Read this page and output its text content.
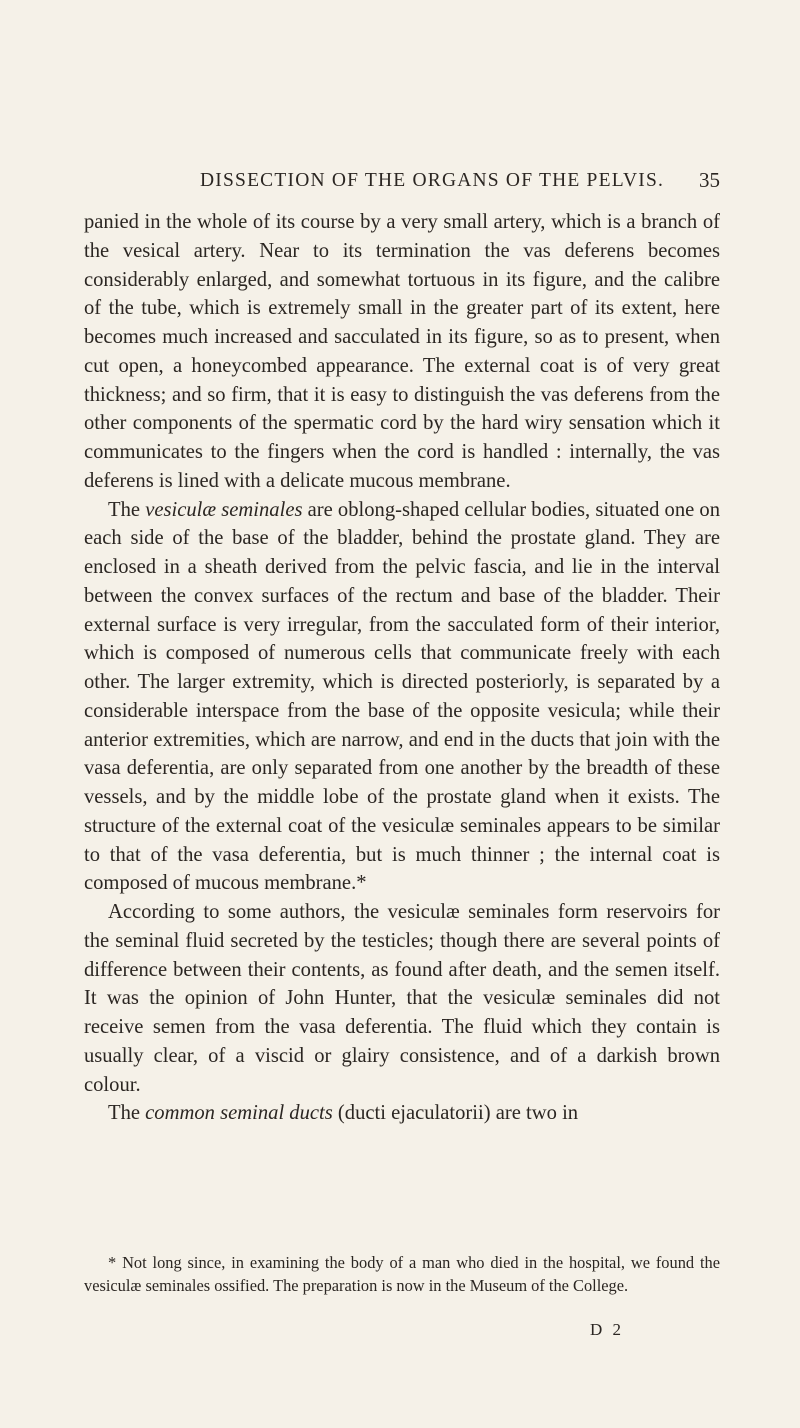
DISSECTION OF THE ORGANS OF THE PELVIS.	35

panied in the whole of its course by a very small artery, which is a branch of the vesical artery. Near to its termination the vas deferens becomes considerably enlarged, and somewhat tortuous in its figure, and the calibre of the tube, which is extremely small in the greater part of its extent, here becomes much increased and sacculated in its figure, so as to present, when cut open, a honeycombed appearance. The external coat is of very great thickness; and so firm, that it is easy to distinguish the vas deferens from the other components of the spermatic cord by the hard wiry sensation which it communicates to the fingers when the cord is handled : internally, the vas deferens is lined with a delicate mucous membrane.

The vesiculæ seminales are oblong-shaped cellular bodies, situated one on each side of the base of the bladder, behind the prostate gland. They are enclosed in a sheath derived from the pelvic fascia, and lie in the interval between the convex surfaces of the rectum and base of the bladder. Their external surface is very irregular, from the sacculated form of their interior, which is composed of numerous cells that communicate freely with each other. The larger extremity, which is directed posteriorly, is separated by a considerable interspace from the base of the opposite vesicula; while their anterior extremities, which are narrow, and end in the ducts that join with the vasa deferentia, are only separated from one another by the breadth of these vessels, and by the middle lobe of the prostate gland when it exists. The structure of the external coat of the vesiculæ seminales appears to be similar to that of the vasa deferentia, but is much thinner ; the internal coat is composed of mucous membrane.*

According to some authors, the vesiculæ seminales form reservoirs for the seminal fluid secreted by the testicles; though there are several points of difference between their contents, as found after death, and the semen itself. It was the opinion of John Hunter, that the vesiculæ seminales did not receive semen from the vasa deferentia. The fluid which they contain is usually clear, of a viscid or glairy consistence, and of a darkish brown colour.

The common seminal ducts (ducti ejaculatorii) are two in

* Not long since, in examining the body of a man who died in the hospital, we found the vesiculæ seminales ossified. The preparation is now in the Museum of the College.
D 2
